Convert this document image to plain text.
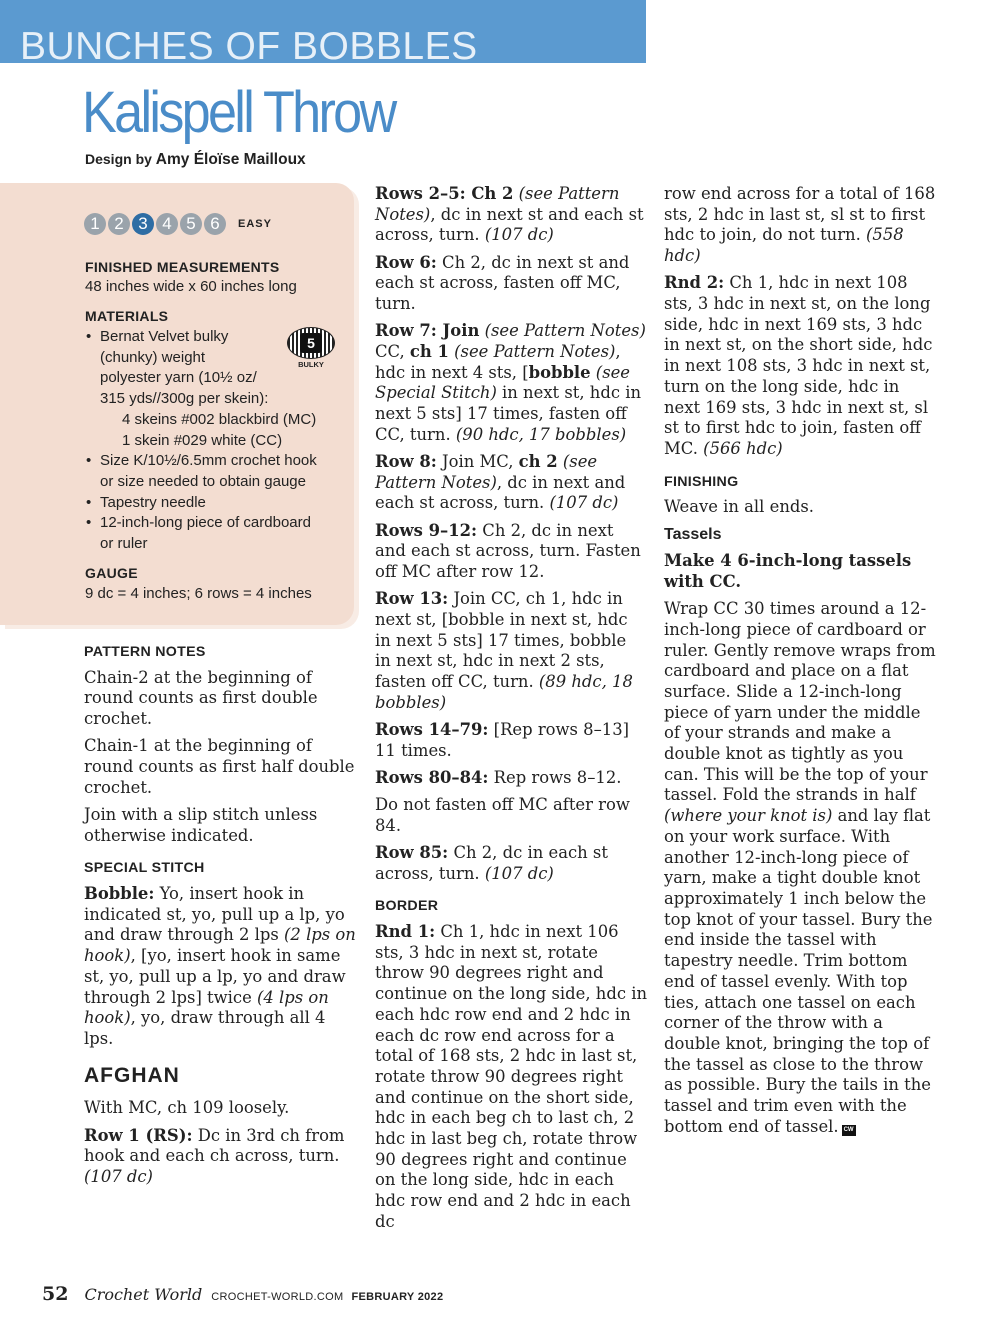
BUNCHES OF BOBBLES
Kalispell Throw
Design by Amy Éloïse Mailloux
1 2 3 4 5 6	EASY
FINISHED MEASUREMENTS
48 inches wide x 60 inches long
MATERIALS
5
BULKY
• Bernat Velvet bulky
(chunky) weight
polyester yarn (10½ oz/
315 yds//300g per skein):
4 skeins #002 blackbird (MC)
1 skein #029 white (CC)
• Size K/10½/6.5mm crochet hook
or size needed to obtain gauge
• Tapestry needle
• 12-inch-long piece of cardboard
or ruler
GAUGE
9 dc = 4 inches; 6 rows = 4 inches
PATTERN NOTES

Chain-2 at the beginning of round counts as first double crochet.

Chain-1 at the beginning of round counts as first half double crochet.

Join with a slip stitch unless otherwise indicated.

SPECIAL STITCH

Bobble: Yo, insert hook in indicated st, yo, pull up a lp, yo and draw through 2 lps (2 lps on hook), [yo, insert hook in same st, yo, pull up a lp, yo and draw through 2 lps] twice (4 lps on hook), yo, draw through all 4 lps.

AFGHAN

With MC, ch 109 loosely.

Row 1 (RS): Dc in 3rd ch from hook and each ch across, turn. (107 dc)

Rows 2–5: Ch 2 (see Pattern Notes), dc in next st and each st across, turn. (107 dc)

Row 6: Ch 2, dc in next st and each st across, fasten off MC, turn.

Row 7: Join (see Pattern Notes) CC, ch 1 (see Pattern Notes), hdc in next 4 sts, [bobble (see Special Stitch) in next st, hdc in next 5 sts] 17 times, fasten off CC, turn. (90 hdc, 17 bobbles)

Row 8: Join MC, ch 2 (see Pattern Notes), dc in next and each st across, turn. (107 dc)

Rows 9–12: Ch 2, dc in next and each st across, turn. Fasten off MC after row 12.

Row 13: Join CC, ch 1, hdc in next st, [bobble in next st, hdc in next 5 sts] 17 times, bobble in next st, hdc in next 2 sts, fasten off CC, turn. (89 hdc, 18 bobbles)

Rows 14–79: [Rep rows 8–13] 11 times.

Rows 80–84: Rep rows 8–12.

Do not fasten off MC after row 84.

Row 85: Ch 2, dc in each st across, turn. (107 dc)

BORDER

Rnd 1: Ch 1, hdc in next 106 sts, 3 hdc in next st, rotate throw 90 degrees right and continue on the long side, hdc in each hdc row end and 2 hdc in each dc row end across for a total of 168 sts, 2 hdc in last st, rotate throw 90 degrees right and continue on the short side, hdc in each beg ch to last ch, 2 hdc in last beg ch, rotate throw 90 degrees right and continue on the long side, hdc in each hdc row end and 2 hdc in each dc

row end across for a total of 168 sts, 2 hdc in last st, sl st to first hdc to join, do not turn. (558 hdc)

Rnd 2: Ch 1, hdc in next 108 sts, 3 hdc in next st, on the long side, hdc in next 169 sts, 3 hdc in next st, on the short side, hdc in next 108 sts, 3 hdc in next st, turn on the long side, hdc in next 169 sts, 3 hdc in next st, sl st to first hdc to join, fasten off MC. (566 hdc)

FINISHING

Weave in all ends.

Tassels

Make 4 6-inch-long tassels with CC.

Wrap CC 30 times around a 12-inch-long piece of cardboard or ruler. Gently remove wraps from cardboard and place on a flat surface. Slide a 12-inch-long piece of yarn under the middle of your strands and make a double knot as tightly as you can. This will be the top of your tassel. Fold the strands in half (where your knot is) and lay flat on your work surface. With another 12-inch-long piece of yarn, make a tight double knot approximately 1 inch below the top knot of your tassel. Bury the end inside the tassel with tapestry needle. Trim bottom end of tassel evenly. With top ties, attach one tassel on each corner of the throw with a double knot, bringing the top of the tassel as close to the throw as possible. Bury the tails in the tassel and trim even with the bottom end of tassel. CW

52 Crochet World CROCHET-WORLD.COM FEBRUARY 2022
